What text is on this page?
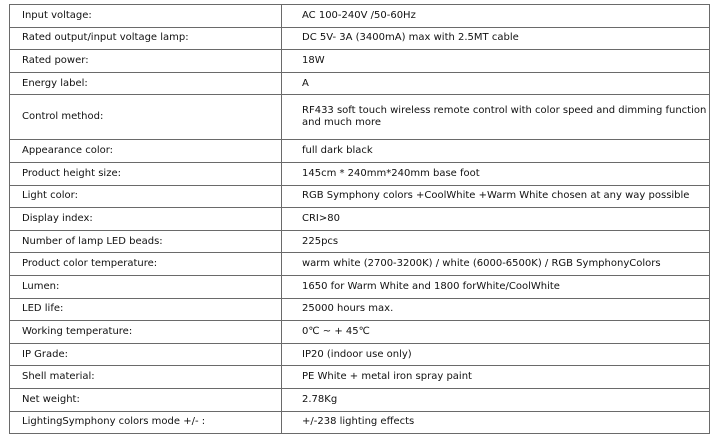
Input voltage:	AC 100-240V /50-60Hz
Rated output/input voltage lamp:	DC 5V- 3A (3400mA) max with 2.5MT cable
Rated power:	18W
Energy label:	A
Control method:	RF433 soft touch wireless remote control with color speed and dimming function and much more
Appearance color:	full dark black
Product height size:	145cm * 240mm*240mm base foot
Light color:	RGB Symphony colors +CoolWhite +Warm White chosen at any way possible
Display index:	CRI>80
Number of lamp LED beads:	225pcs
Product color temperature:	warm white (2700-3200K) / white (6000-6500K) / RGB SymphonyColors
Lumen:	1650 for Warm White and 1800 forWhite/CoolWhite
LED life:	25000 hours max.
Working temperature:	0℃ ~ + 45℃
IP Grade:	IP20 (indoor use only)
Shell material:	PE White + metal iron spray paint
Net weight:	2.78Kg
LightingSymphony colors mode +/- :	+/-238 lighting effects
